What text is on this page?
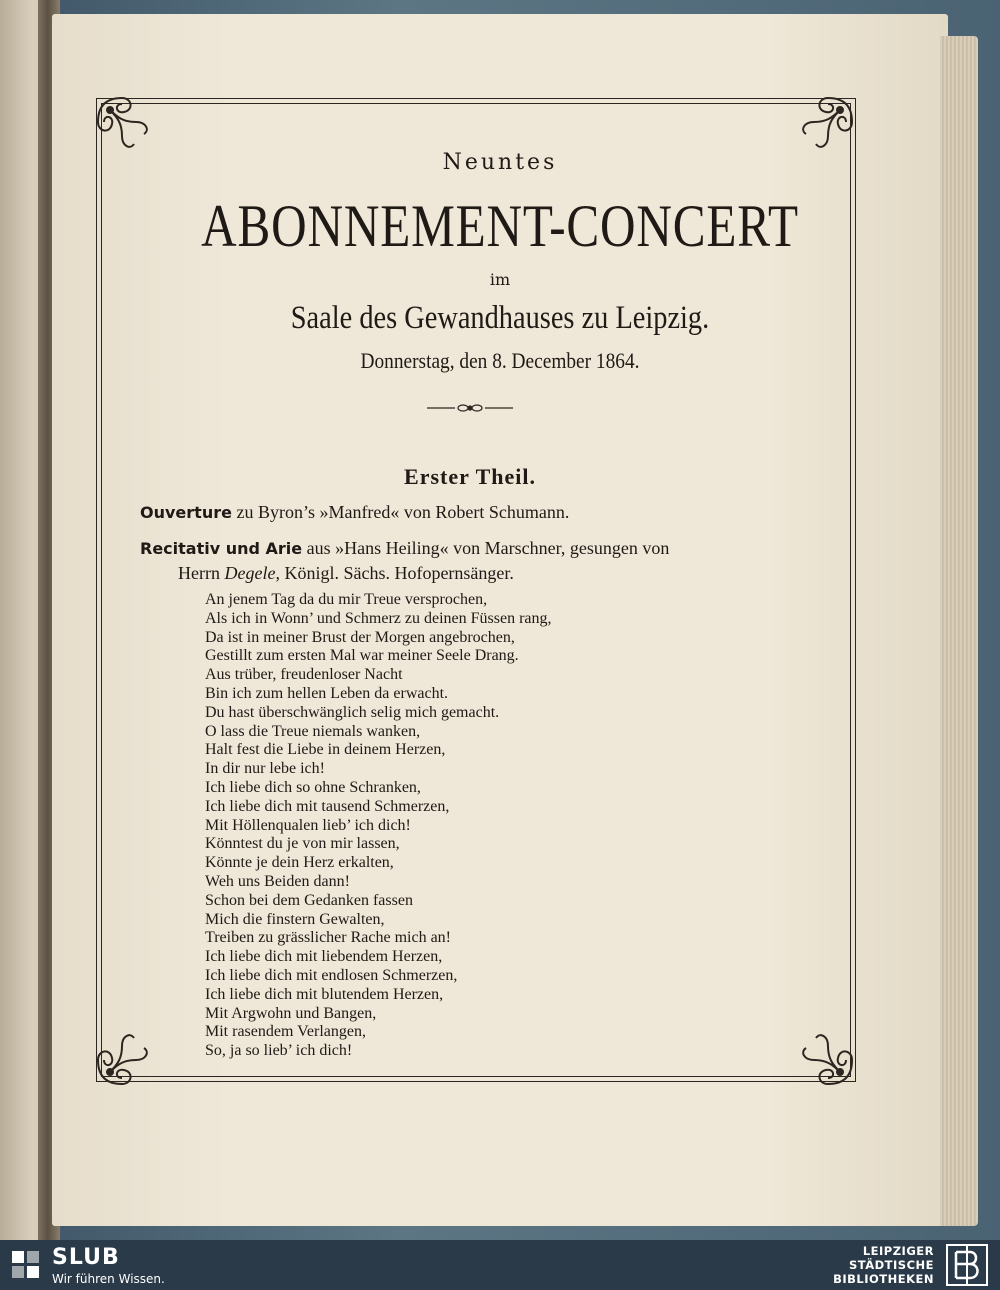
Neuntes
ABONNEMENT-CONCERT
im
Saale des Gewandhauses zu Leipzig.
Donnerstag, den 8. December 1864.
Erster Theil.
Ouverture zu Byron’s »Manfred« von Robert Schumann.
Recitativ und Arie aus »Hans Heiling« von Marschner, gesungen von
Herrn Degele, Königl. Sächs. Hofopernsänger.
An jenem Tag da du mir Treue versprochen,
Als ich in Wonn’ und Schmerz zu deinen Füssen rang,
Da ist in meiner Brust der Morgen angebrochen,
Gestillt zum ersten Mal war meiner Seele Drang.
Aus trüber, freudenloser Nacht
Bin ich zum hellen Leben da erwacht.
Du hast überschwänglich selig mich gemacht.
O lass die Treue niemals wanken,
Halt fest die Liebe in deinem Herzen,
In dir nur lebe ich!
Ich liebe dich so ohne Schranken,
Ich liebe dich mit tausend Schmerzen,
Mit Höllenqualen lieb’ ich dich!
Könntest du je von mir lassen,
Könnte je dein Herz erkalten,
Weh uns Beiden dann!
Schon bei dem Gedanken fassen
Mich die finstern Gewalten,
Treiben zu grässlicher Rache mich an!
Ich liebe dich mit liebendem Herzen,
Ich liebe dich mit endlosen Schmerzen,
Ich liebe dich mit blutendem Herzen,
Mit Argwohn und Bangen,
Mit rasendem Verlangen,
So, ja so lieb’ ich dich!
SLUB
Wir führen Wissen.
LEIPZIGER
STÄDTISCHE
BIBLIOTHEKEN
